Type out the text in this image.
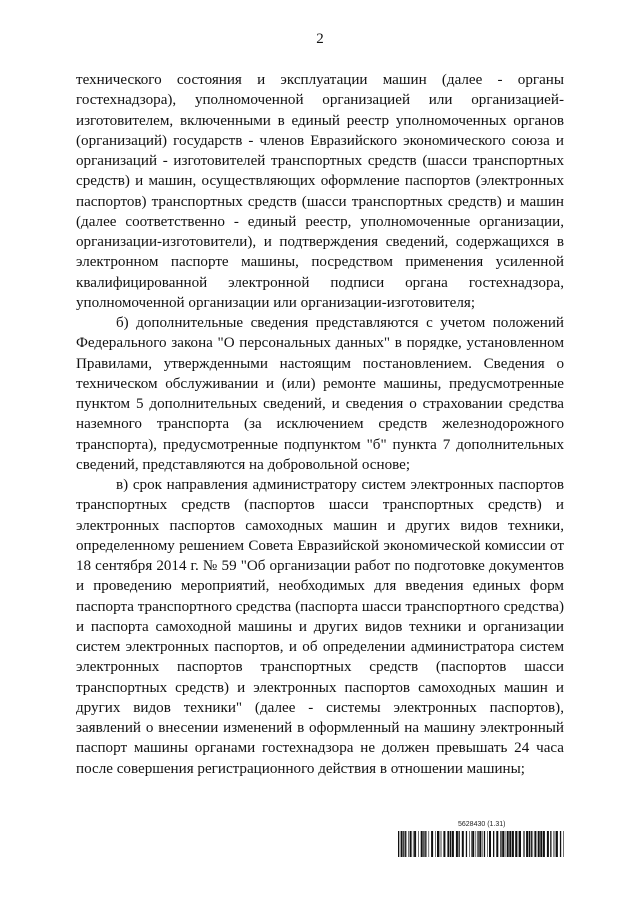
2

технического состояния и эксплуатации машин (далее - органы гостехнадзора), уполномоченной организацией или организацией-изготовителем, включенными в единый реестр уполномоченных органов (организаций) государств - членов Евразийского экономического союза и организаций - изготовителей транспортных средств (шасси транспортных средств) и машин, осуществляющих оформление паспортов (электронных паспортов) транспортных средств (шасси транспортных средств) и машин (далее соответственно - единый реестр, уполномоченные организации, организации-изготовители), и подтверждения сведений, содержащихся в электронном паспорте машины, посредством применения усиленной квалифицированной электронной подписи органа гостехнадзора, уполномоченной организации или организации-изготовителя;

б) дополнительные сведения представляются с учетом положений Федерального закона "О персональных данных" в порядке, установленном Правилами, утвержденными настоящим постановлением. Сведения о техническом обслуживании и (или) ремонте машины, предусмотренные пунктом 5 дополнительных сведений, и сведения о страховании средства наземного транспорта (за исключением средств железнодорожного транспорта), предусмотренные подпунктом "б" пункта 7 дополнительных сведений, представляются на добровольной основе;

в) срок направления администратору систем электронных паспортов транспортных средств (паспортов шасси транспортных средств) и электронных паспортов самоходных машин и других видов техники, определенному решением Совета Евразийской экономической комиссии от 18 сентября 2014 г. № 59 "Об организации работ по подготовке документов и проведению мероприятий, необходимых для введения единых форм паспорта транспортного средства (паспорта шасси транспортного средства) и паспорта самоходной машины и других видов техники и организации систем электронных паспортов, и об определении администратора систем электронных паспортов транспортных средств (паспортов шасси транспортных средств) и электронных паспортов самоходных машин и других видов техники" (далее - системы электронных паспортов), заявлений о внесении изменений в оформленный на машину электронный паспорт машины органами гостехнадзора не должен превышать 24 часа после совершения регистрационного действия в отношении машины;

5628430 (1.31)
